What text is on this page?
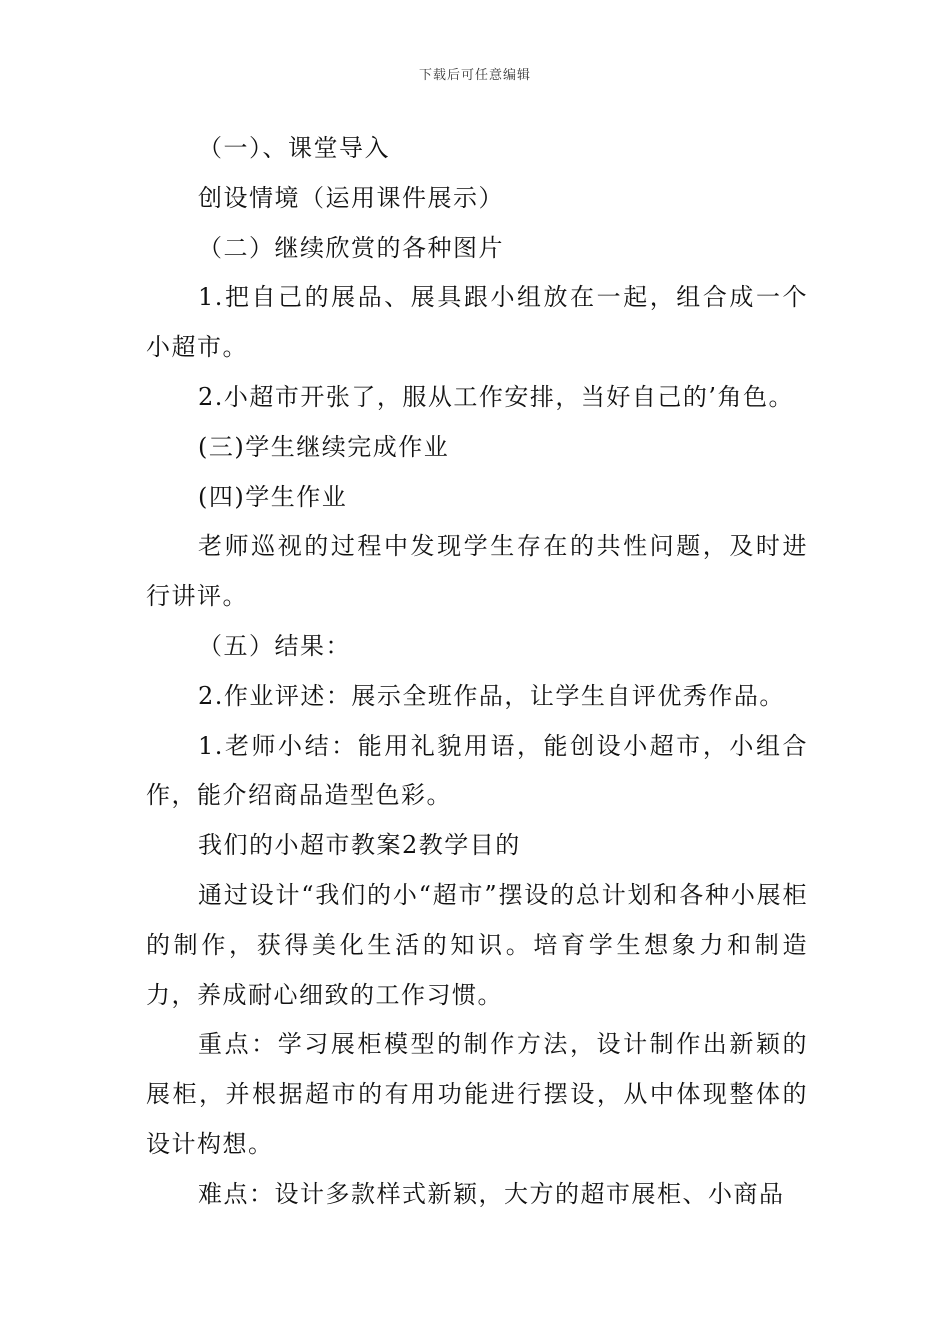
下载后可任意编辑

（一）、课堂导入

创设情境（运用课件展示）

（二）继续欣赏的各种图片

1.把自己的展品、展具跟小组放在一起，组合成一个小超市。

2.小超市开张了，服从工作安排，当好自己的’角色。

(三)学生继续完成作业

(四)学生作业

老师巡视的过程中发现学生存在的共性问题，及时进行讲评。

（五）结果：

2.作业评述：展示全班作品，让学生自评优秀作品。

1.老师小结：能用礼貌用语，能创设小超市，小组合作，能介绍商品造型色彩。

我们的小超市教案2教学目的

通过设计“我们的小“超市”摆设的总计划和各种小展柜的制作，获得美化生活的知识。培育学生想象力和制造力，养成耐心细致的工作习惯。

重点：学习展柜模型的制作方法，设计制作出新颖的展柜，并根据超市的有用功能进行摆设，从中体现整体的设计构想。

难点：设计多款样式新颖，大方的超市展柜、小商品
